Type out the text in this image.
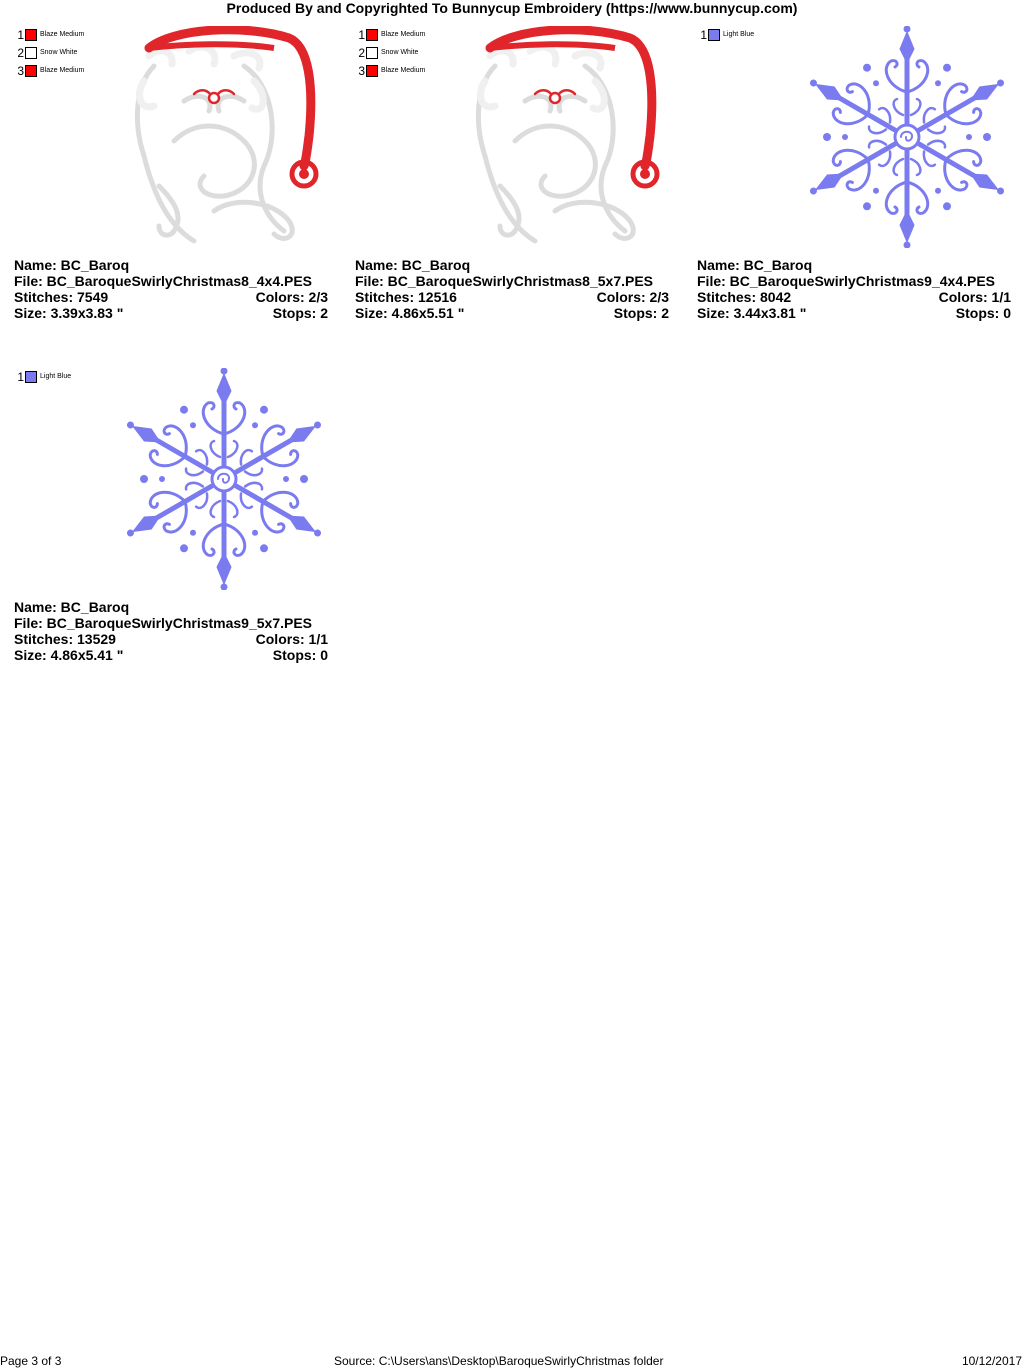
Produced By and Copyrighted To Bunnycup Embroidery (https://www.bunnycup.com)
1 Blaze Medium
2 Snow White
3 Blaze Medium
Name: BC_Baroq
File: BC_BaroqueSwirlyChristmas8_4x4.PES
Stitches: 7549	Colors: 2/3
Size: 3.39x3.83 "	Stops: 2
1 Blaze Medium
2 Snow White
3 Blaze Medium
Name: BC_Baroq
File: BC_BaroqueSwirlyChristmas8_5x7.PES
Stitches: 12516	Colors: 2/3
Size: 4.86x5.51 "	Stops: 2
1 Light Blue
Name: BC_Baroq
File: BC_BaroqueSwirlyChristmas9_4x4.PES
Stitches: 8042	Colors: 1/1
Size: 3.44x3.81 "	Stops: 0
1 Light Blue
Name: BC_Baroq
File: BC_BaroqueSwirlyChristmas9_5x7.PES
Stitches: 13529	Colors: 1/1
Size: 4.86x5.41 "	Stops: 0
Page 3 of 3	Source: C:\Users\ans\Desktop\BaroqueSwirlyChristmas folder	10/12/2017
